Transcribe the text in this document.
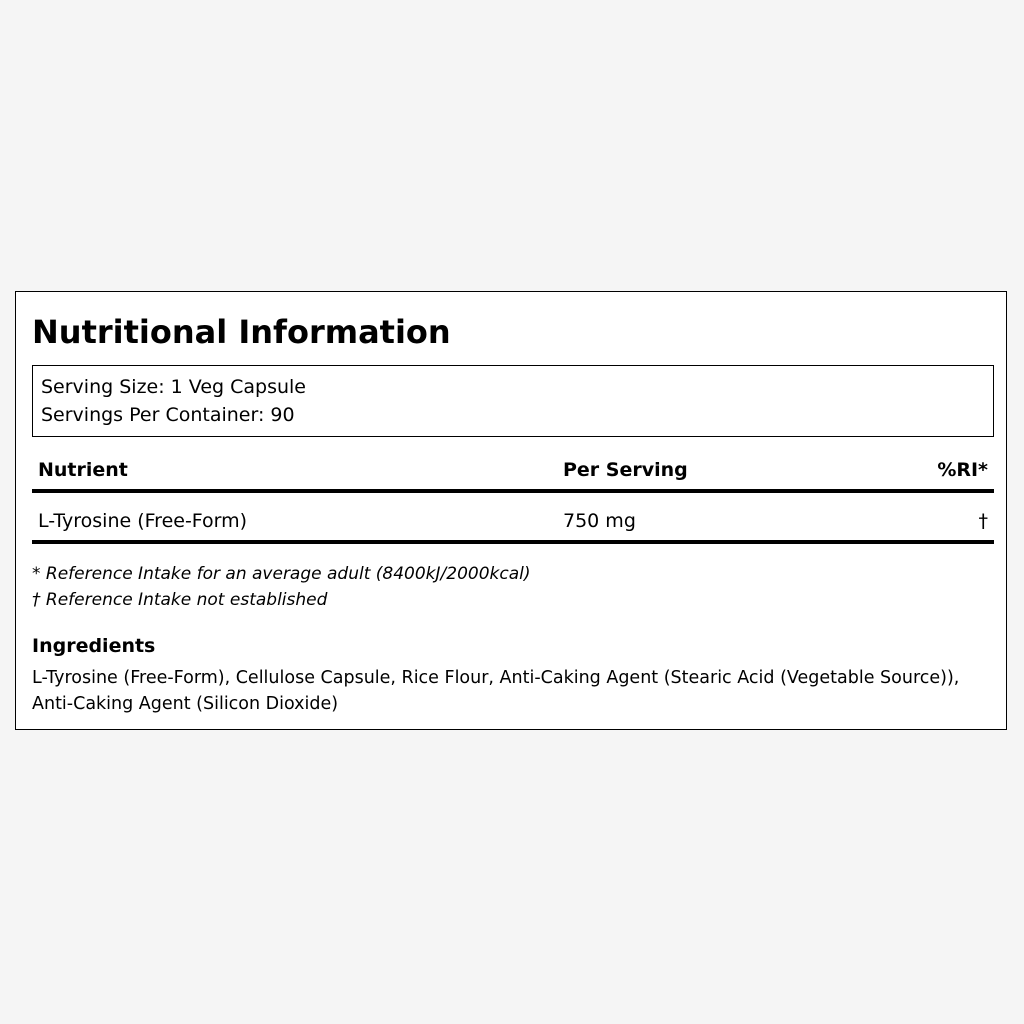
Nutritional Information
Serving Size: 1 Veg Capsule
Servings Per Container: 90
Nutrient	Per Serving	%RI*
L-Tyrosine (Free-Form)	750 mg	†
* Reference Intake for an average adult (8400kJ/2000kcal)
† Reference Intake not established
Ingredients
L-Tyrosine (Free-Form), Cellulose Capsule, Rice Flour, Anti-Caking Agent (Stearic Acid (Vegetable Source)), Anti-Caking Agent (Silicon Dioxide)
